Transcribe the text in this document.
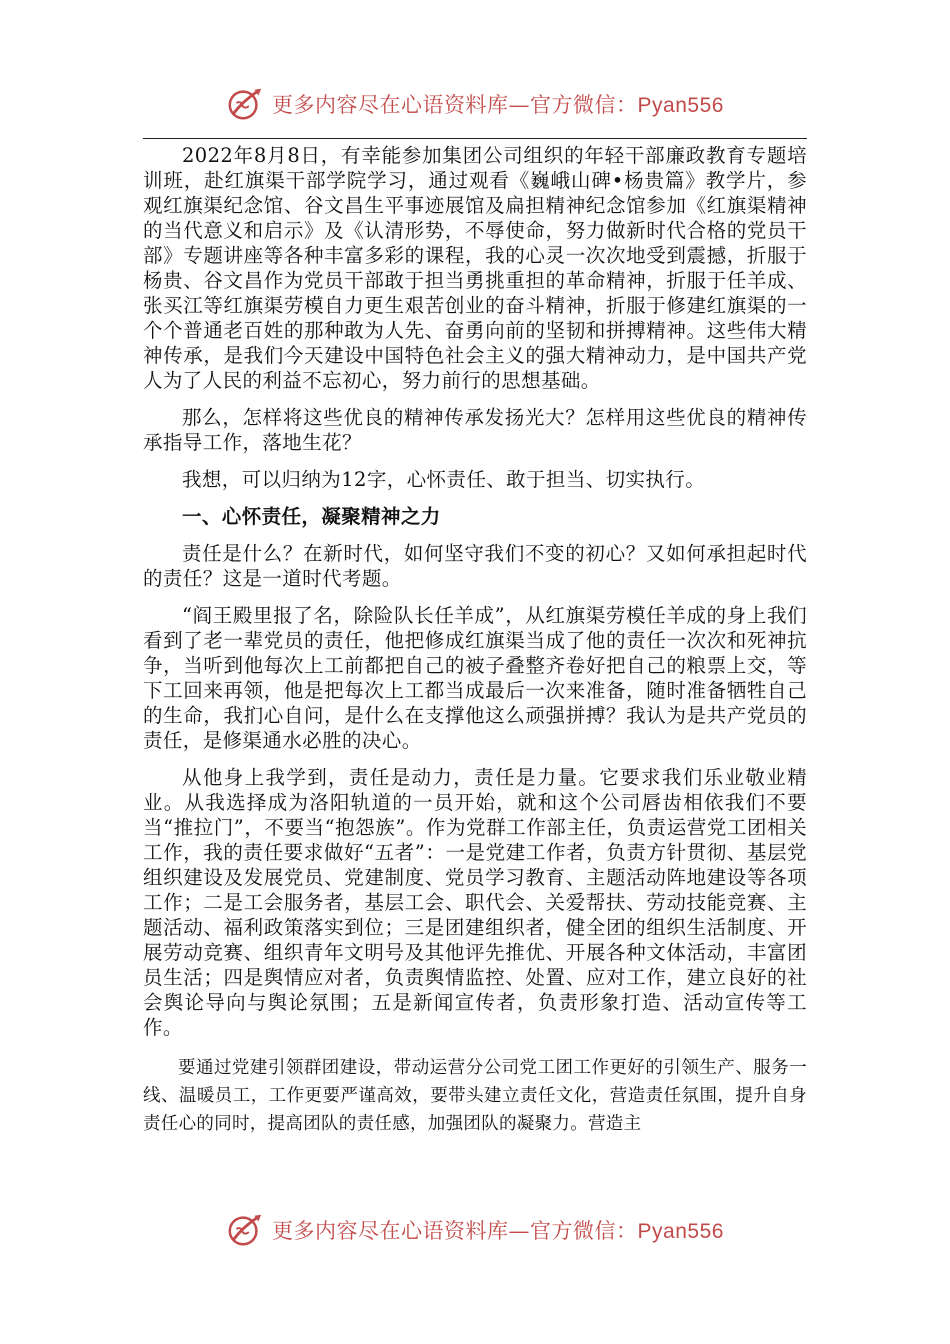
更多内容尽在心语资料库—官方微信：Pyan556

2022年8月8日，有幸能参加集团公司组织的年轻干部廉政教育专题培训班，赴红旗渠干部学院学习，通过观看《巍峨山碑•杨贵篇》教学片，参观红旗渠纪念馆、谷文昌生平事迹展馆及扁担精神纪念馆参加《红旗渠精神的当代意义和启示》及《认清形势，不辱使命，努力做新时代合格的党员干部》专题讲座等各种丰富多彩的课程，我的心灵一次次地受到震撼，折服于杨贵、谷文昌作为党员干部敢于担当勇挑重担的革命精神，折服于任羊成、张买江等红旗渠劳模自力更生艰苦创业的奋斗精神，折服于修建红旗渠的一个个普通老百姓的那种敢为人先、奋勇向前的坚韧和拼搏精神。这些伟大精神传承，是我们今天建设中国特色社会主义的强大精神动力，是中国共产党人为了人民的利益不忘初心，努力前行的思想基础。

那么，怎样将这些优良的精神传承发扬光大？怎样用这些优良的精神传承指导工作，落地生花？

我想，可以归纳为12字，心怀责任、敢于担当、切实执行。

一、心怀责任，凝聚精神之力

责任是什么？在新时代，如何坚守我们不变的初心？又如何承担起时代的责任？这是一道时代考题。

“阎王殿里报了名，除险队长任羊成”，从红旗渠劳模任羊成的身上我们看到了老一辈党员的责任，他把修成红旗渠当成了他的责任一次次和死神抗争，当听到他每次上工前都把自己的被子叠整齐卷好把自己的粮票上交，等下工回来再领，他是把每次上工都当成最后一次来准备，随时准备牺牲自己的生命，我扪心自问，是什么在支撑他这么顽强拼搏？我认为是共产党员的责任，是修渠通水必胜的决心。

从他身上我学到，责任是动力，责任是力量。它要求我们乐业敬业精业。从我选择成为洛阳轨道的一员开始，就和这个公司唇齿相依我们不要当“推拉门”，不要当“抱怨族”。作为党群工作部主任，负责运营党工团相关工作，我的责任要求做好“五者”：一是党建工作者，负责方针贯彻、基层党组织建设及发展党员、党建制度、党员学习教育、主题活动阵地建设等各项工作；二是工会服务者，基层工会、职代会、关爱帮扶、劳动技能竞赛、主题活动、福利政策落实到位；三是团建组织者，健全团的组织生活制度、开展劳动竞赛、组织青年文明号及其他评先推优、开展各种文体活动，丰富团员生活；四是舆情应对者，负责舆情监控、处置、应对工作，建立良好的社会舆论导向与舆论氛围；五是新闻宣传者，负责形象打造、活动宣传等工作。

要通过党建引领群团建设，带动运营分公司党工团工作更好的引领生产、服务一线、温暖员工，工作更要严谨高效，要带头建立责任文化，营造责任氛围，提升自身责任心的同时，提高团队的责任感，加强团队的凝聚力。营造主

更多内容尽在心语资料库—官方微信：Pyan556
